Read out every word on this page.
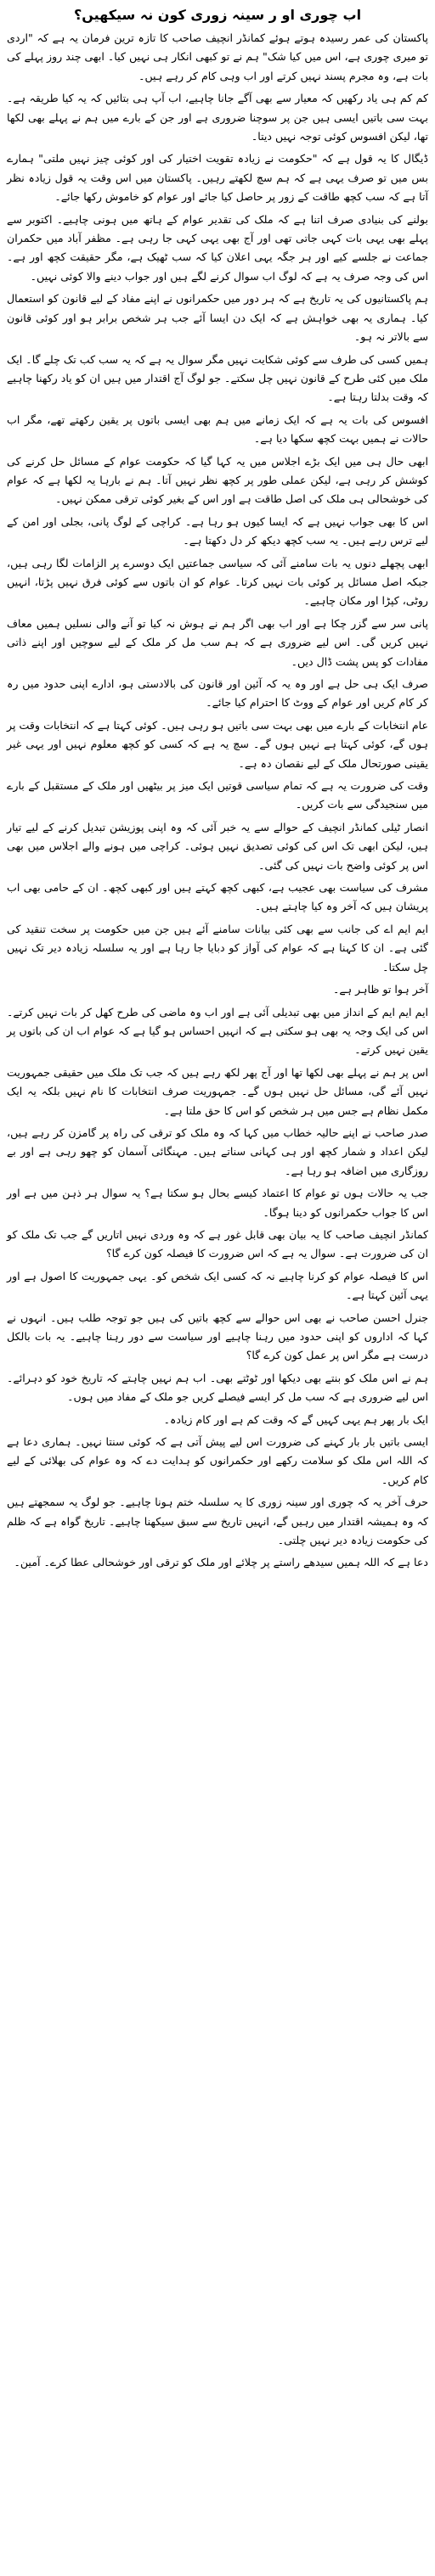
اب چوری او ر سینہ زوری کون نہ سیکھیں؟

پاکستان کی عمر رسیدہ ہوتے ہوئے کمانڈر انچیف صاحب کا تازہ ترین فرمان یہ ہے کہ "اردی تو میری چوری ہے، اس میں کیا شک" ہم نے تو کبھی انکار ہی نہیں کیا۔ ابھی چند روز پہلے کی بات ہے، وہ مجرم پسند نہیں کرتے اور اب وہی کام کر رہے ہیں۔

کم کم ہی یاد رکھیں کہ معیار سے بھی آگے جانا چاہیے، اب آپ ہی بتائیں کہ یہ کیا طریقہ ہے۔ بہت سی باتیں ایسی ہیں جن پر سوچنا ضروری ہے اور جن کے بارے میں ہم نے پہلے بھی لکھا تھا، لیکن افسوس کوئی توجہ نہیں دیتا۔

ڈیگال کا یہ قول ہے کہ "حکومت نے زیادہ تقویت اختیار کی اور کوئی چیز نہیں ملتی" ہمارے بس میں تو صرف یہی ہے کہ ہم سچ لکھتے رہیں۔ پاکستان میں اس وقت یہ قول زیادہ نظر آتا ہے کہ سب کچھ طاقت کے زور پر حاصل کیا جائے اور عوام کو خاموش رکھا جائے۔

بولنے کی بنیادی صرف اتنا ہے کہ ملک کی تقدیر عوام کے ہاتھ میں ہونی چاہیے۔ اکتوبر سے پہلے بھی یہی بات کہی جاتی تھی اور آج بھی یہی کہی جا رہی ہے۔ مظفر آباد میں حکمران جماعت نے جلسے کیے اور ہر جگہ یہی اعلان کیا کہ سب ٹھیک ہے، مگر حقیقت کچھ اور ہے۔ اس کی وجہ صرف یہ ہے کہ لوگ اب سوال کرنے لگے ہیں اور جواب دینے والا کوئی نہیں۔

ہم پاکستانیوں کی یہ تاریخ ہے کہ ہر دور میں حکمرانوں نے اپنے مفاد کے لیے قانون کو استعمال کیا۔ ہماری یہ بھی خواہش ہے کہ ایک دن ایسا آئے جب ہر شخص برابر ہو اور کوئی قانون سے بالاتر نہ ہو۔

ہمیں کسی کی طرف سے کوئی شکایت نہیں مگر سوال یہ ہے کہ یہ سب کب تک چلے گا۔ ایک ملک میں کئی طرح کے قانون نہیں چل سکتے۔ جو لوگ آج اقتدار میں ہیں ان کو یاد رکھنا چاہیے کہ وقت بدلتا رہتا ہے۔

افسوس کی بات یہ ہے کہ ایک زمانے میں ہم بھی ایسی باتوں پر یقین رکھتے تھے، مگر اب حالات نے ہمیں بہت کچھ سکھا دیا ہے۔

ابھی حال ہی میں ایک بڑے اجلاس میں یہ کہا گیا کہ حکومت عوام کے مسائل حل کرنے کی کوشش کر رہی ہے، لیکن عملی طور پر کچھ نظر نہیں آتا۔ ہم نے بارہا یہ لکھا ہے کہ عوام کی خوشحالی ہی ملک کی اصل طاقت ہے اور اس کے بغیر کوئی ترقی ممکن نہیں۔

اس کا بھی جواب نہیں ہے کہ ایسا کیوں ہو رہا ہے۔ کراچی کے لوگ پانی، بجلی اور امن کے لیے ترس رہے ہیں۔ یہ سب کچھ دیکھ کر دل دکھتا ہے۔

ابھی پچھلے دنوں یہ بات سامنے آئی کہ سیاسی جماعتیں ایک دوسرے پر الزامات لگا رہی ہیں، جبکہ اصل مسائل پر کوئی بات نہیں کرتا۔ عوام کو ان باتوں سے کوئی فرق نہیں پڑتا، انہیں روٹی، کپڑا اور مکان چاہیے۔

پانی سر سے گزر چکا ہے اور اب بھی اگر ہم نے ہوش نہ کیا تو آنے والی نسلیں ہمیں معاف نہیں کریں گی۔ اس لیے ضروری ہے کہ ہم سب مل کر ملک کے لیے سوچیں اور اپنے ذاتی مفادات کو پس پشت ڈال دیں۔

صرف ایک ہی حل ہے اور وہ یہ کہ آئین اور قانون کی بالادستی ہو، ادارے اپنی حدود میں رہ کر کام کریں اور عوام کے ووٹ کا احترام کیا جائے۔

عام انتخابات کے بارے میں بھی بہت سی باتیں ہو رہی ہیں۔ کوئی کہتا ہے کہ انتخابات وقت پر ہوں گے، کوئی کہتا ہے نہیں ہوں گے۔ سچ یہ ہے کہ کسی کو کچھ معلوم نہیں اور یہی غیر یقینی صورتحال ملک کے لیے نقصان دہ ہے۔

وقت کی ضرورت یہ ہے کہ تمام سیاسی قوتیں ایک میز پر بیٹھیں اور ملک کے مستقبل کے بارے میں سنجیدگی سے بات کریں۔

انصار ٹیلی کمانڈر انچیف کے حوالے سے یہ خبر آئی کہ وہ اپنی پوزیشن تبدیل کرنے کے لیے تیار ہیں، لیکن ابھی تک اس کی کوئی تصدیق نہیں ہوئی۔ کراچی میں ہونے والے اجلاس میں بھی اس پر کوئی واضح بات نہیں کی گئی۔

مشرف کی سیاست بھی عجیب ہے، کبھی کچھ کہتے ہیں اور کبھی کچھ۔ ان کے حامی بھی اب پریشان ہیں کہ آخر وہ کیا چاہتے ہیں۔

ایم ایم اے کی جانب سے بھی کئی بیانات سامنے آئے ہیں جن میں حکومت پر سخت تنقید کی گئی ہے۔ ان کا کہنا ہے کہ عوام کی آواز کو دبایا جا رہا ہے اور یہ سلسلہ زیادہ دیر تک نہیں چل سکتا۔

آخر ہوا تو ظاہر ہے۔

ایم ایم ایم کے انداز میں بھی تبدیلی آئی ہے اور اب وہ ماضی کی طرح کھل کر بات نہیں کرتے۔ اس کی ایک وجہ یہ بھی ہو سکتی ہے کہ انہیں احساس ہو گیا ہے کہ عوام اب ان کی باتوں پر یقین نہیں کرتے۔

اس پر ہم نے پہلے بھی لکھا تھا اور آج پھر لکھ رہے ہیں کہ جب تک ملک میں حقیقی جمہوریت نہیں آئے گی، مسائل حل نہیں ہوں گے۔ جمہوریت صرف انتخابات کا نام نہیں بلکہ یہ ایک مکمل نظام ہے جس میں ہر شخص کو اس کا حق ملتا ہے۔

صدر صاحب نے اپنے حالیہ خطاب میں کہا کہ وہ ملک کو ترقی کی راہ پر گامزن کر رہے ہیں، لیکن اعداد و شمار کچھ اور ہی کہانی سناتے ہیں۔ مہنگائی آسمان کو چھو رہی ہے اور بے روزگاری میں اضافہ ہو رہا ہے۔

جب یہ حالات ہوں تو عوام کا اعتماد کیسے بحال ہو سکتا ہے؟ یہ سوال ہر ذہن میں ہے اور اس کا جواب حکمرانوں کو دینا ہوگا۔

کمانڈر انچیف صاحب کا یہ بیان بھی قابل غور ہے کہ وہ وردی نہیں اتاریں گے جب تک ملک کو ان کی ضرورت ہے۔ سوال یہ ہے کہ اس ضرورت کا فیصلہ کون کرے گا؟

اس کا فیصلہ عوام کو کرنا چاہیے نہ کہ کسی ایک شخص کو۔ یہی جمہوریت کا اصول ہے اور یہی آئین کہتا ہے۔

جنرل احسن صاحب نے بھی اس حوالے سے کچھ باتیں کی ہیں جو توجہ طلب ہیں۔ انہوں نے کہا کہ اداروں کو اپنی حدود میں رہنا چاہیے اور سیاست سے دور رہنا چاہیے۔ یہ بات بالکل درست ہے مگر اس پر عمل کون کرے گا؟

ہم نے اس ملک کو بنتے بھی دیکھا اور ٹوٹتے بھی۔ اب ہم نہیں چاہتے کہ تاریخ خود کو دہرائے۔ اس لیے ضروری ہے کہ سب مل کر ایسے فیصلے کریں جو ملک کے مفاد میں ہوں۔

ایک بار پھر ہم یہی کہیں گے کہ وقت کم ہے اور کام زیادہ۔

ایسی باتیں بار بار کہنے کی ضرورت اس لیے پیش آتی ہے کہ کوئی سنتا نہیں۔ ہماری دعا ہے کہ اللہ اس ملک کو سلامت رکھے اور حکمرانوں کو ہدایت دے کہ وہ عوام کی بھلائی کے لیے کام کریں۔

حرف آخر یہ کہ چوری اور سینہ زوری کا یہ سلسلہ ختم ہونا چاہیے۔ جو لوگ یہ سمجھتے ہیں کہ وہ ہمیشہ اقتدار میں رہیں گے، انہیں تاریخ سے سبق سیکھنا چاہیے۔ تاریخ گواہ ہے کہ ظلم کی حکومت زیادہ دیر نہیں چلتی۔

دعا ہے کہ اللہ ہمیں سیدھے راستے پر چلائے اور ملک کو ترقی اور خوشحالی عطا کرے۔ آمین۔
